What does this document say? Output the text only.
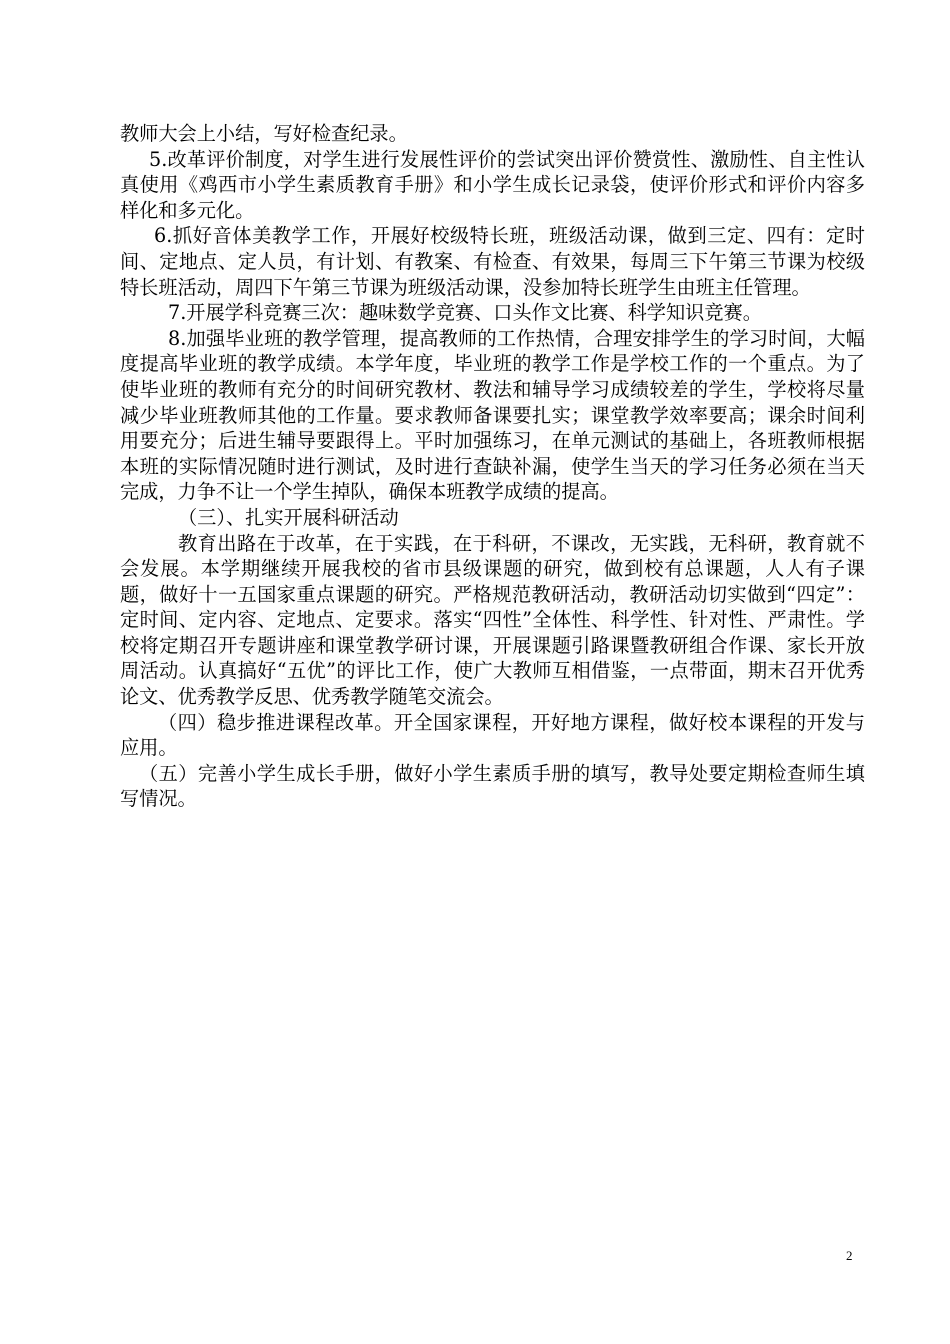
教师大会上小结，写好检查纪录。

5.改革评价制度，对学生进行发展性评价的尝试突出评价赞赏性、激励性、自主性认真使用《鸡西市小学生素质教育手册》和小学生成长记录袋，使评价形式和评价内容多样化和多元化。

6.抓好音体美教学工作，开展好校级特长班，班级活动课，做到三定、四有：定时间、定地点、定人员，有计划、有教案、有检查、有效果，每周三下午第三节课为校级特长班活动，周四下午第三节课为班级活动课，没参加特长班学生由班主任管理。

7.开展学科竞赛三次：趣味数学竞赛、口头作文比赛、科学知识竞赛。

8.加强毕业班的教学管理，提高教师的工作热情，合理安排学生的学习时间，大幅度提高毕业班的教学成绩。本学年度，毕业班的教学工作是学校工作的一个重点。为了使毕业班的教师有充分的时间研究教材、教法和辅导学习成绩较差的学生，学校将尽量减少毕业班教师其他的工作量。要求教师备课要扎实；课堂教学效率要高；课余时间利用要充分；后进生辅导要跟得上。平时加强练习，在单元测试的基础上，各班教师根据本班的实际情况随时进行测试，及时进行查缺补漏，使学生当天的学习任务必须在当天完成，力争不让一个学生掉队，确保本班教学成绩的提高。

（三）、扎实开展科研活动

教育出路在于改革，在于实践，在于科研，不课改，无实践，无科研，教育就不会发展。本学期继续开展我校的省市县级课题的研究，做到校有总课题，人人有子课题，做好十一五国家重点课题的研究。严格规范教研活动，教研活动切实做到“四定”：定时间、定内容、定地点、定要求。落实“四性”全体性、科学性、针对性、严肃性。学校将定期召开专题讲座和课堂教学研讨课，开展课题引路课暨教研组合作课、家长开放周活动。认真搞好“五优”的评比工作，使广大教师互相借鉴，一点带面，期末召开优秀论文、优秀教学反思、优秀教学随笔交流会。

（四）稳步推进课程改革。开全国家课程，开好地方课程，做好校本课程的开发与应用。

（五）完善小学生成长手册，做好小学生素质手册的填写，教导处要定期检查师生填写情况。

2
